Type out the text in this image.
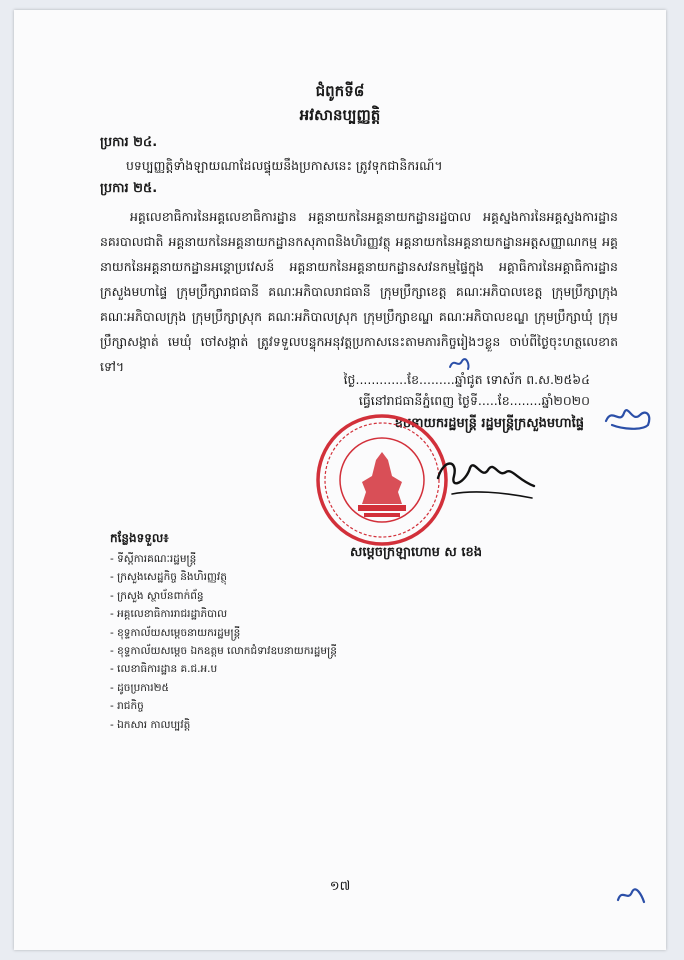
ជំពូកទី៨
អវសានប្បញ្ញត្តិ
ប្រការ ២៤.
បទប្បញ្ញត្តិទាំងឡាយណាដែលផ្ទុយនឹងប្រកាសនេះ ត្រូវទុកជានិករណ៍។
ប្រការ ២៥.
អគ្គលេខាធិការនៃអគ្គលេខាធិការដ្ឋាន អគ្គនាយកនៃអគ្គនាយកដ្ឋានរដ្ឋបាល អគ្គស្នងការនៃអគ្គស្នងការដ្ឋាននគរបាលជាតិ អគ្គនាយកនៃអគ្គនាយកដ្ឋានកសុភាពនិងហិរញ្ញវត្ថុ អគ្គនាយកនៃអគ្គនាយកដ្ឋានអត្តសញ្ញាណកម្ម អគ្គនាយកនៃអគ្គនាយកដ្ឋានអន្តោប្រវេសន៍ អគ្គនាយកនៃអគ្គនាយកដ្ឋានសវនកម្មផ្ទៃក្នុង អគ្គាធិការនៃអគ្គាធិការដ្ឋាន ក្រសួងមហាផ្ទៃ ក្រុមប្រឹក្សារាជធានី គណៈអភិបាលរាជធានី ក្រុមប្រឹក្សាខេត្ត គណៈអភិបាលខេត្ត ក្រុមប្រឹក្សាក្រុង គណៈអភិបាលក្រុង ក្រុមប្រឹក្សាស្រុក គណៈអភិបាលស្រុក ក្រុមប្រឹក្សាខណ្ឌ គណៈអភិបាលខណ្ឌ ក្រុមប្រឹក្សាឃុំ ក្រុមប្រឹក្សាសង្កាត់ មេឃុំ ចៅសង្កាត់ ត្រូវទទួលបន្ទុកអនុវត្តប្រកាសនេះតាមភារកិច្ចរៀងៗខ្លួន ចាប់ពីថ្ងៃចុះហត្ថលេខាតទៅ។
ថ្ងៃ.............ខែ.........ឆ្នាំជូត ទោស័ក ព.ស.២៥៦៤
ធ្វើនៅរាជធានីភ្នំពេញ ថ្ងៃទី.....ខែ........ឆ្នាំ២០២០
ឧបនាយករដ្ឋមន្ត្រី រដ្ឋមន្ត្រីក្រសួងមហាផ្ទៃ
សម្តេចក្រឡាហោម ស ខេង
កន្លែងទទួល៖
- ទីស្តីការគណៈរដ្ឋមន្ត្រី
- ក្រសួងសេដ្ឋកិច្ច និងហិរញ្ញវត្ថុ
- ក្រសួង ស្ថាប័នពាក់ព័ន្ធ
- អគ្គលេខាធិការរាជរដ្ឋាភិបាល
- ខុទ្ទកាល័យសម្តេចនាយករដ្ឋមន្ត្រី
- ខុទ្ទកាល័យសម្តេច ឯកឧត្តម លោកជំទាវឧបនាយករដ្ឋមន្ត្រី
- លេខាធិការដ្ឋាន គ.ជ.អ.ប
- ដូចប្រការ២៥
- រាជកិច្ច
- ឯកសារ កាលប្បវត្តិ
១៧
